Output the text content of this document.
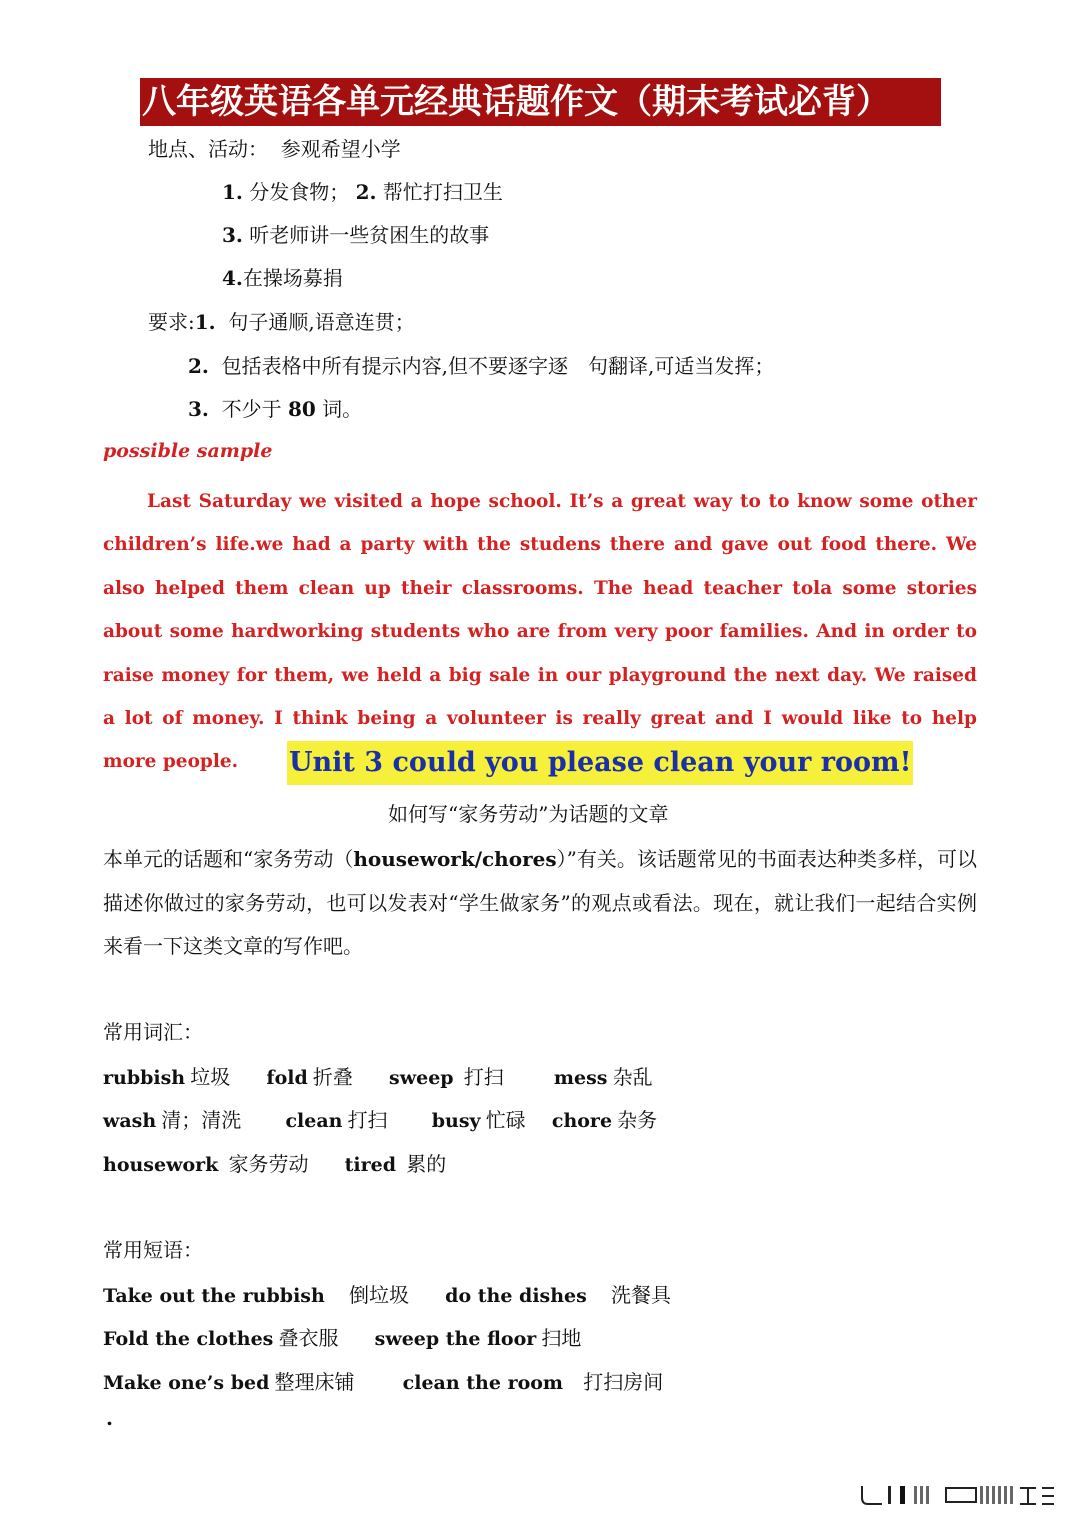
八年级英语各单元经典话题作文（期末考试必背）
地点、活动： 参观希望小学
1. 分发食物； 2. 帮忙打扫卫生
3. 听老师讲一些贫困生的故事
4.在操场募捐
要求:1. 句子通顺,语意连贯；
2. 包括表格中所有提示内容,但不要逐字逐　句翻译,可适当发挥；
3. 不少于 80 词。
possible sample

Last Saturday we visited a hope school. It’s a great way to to know some other children’s life.we had a party with the studens there and gave out food there. We also helped them clean up their classrooms. The head teacher tola some stories about some hardworking students who are from very poor families. And in order to raise money for them, we held a big sale in our playground the next day. We raised a lot of money. I think being a volunteer is really great and I would like to help more people.	Unit 3 could you please clean your room!
如何写“家务劳动”为话题的文章

本单元的话题和“家务劳动（housework/chores）”有关。该话题常见的书面表达种类多样，可以描述你做过的家务劳动，也可以发表对“学生做家务”的观点或看法。现在，就让我们一起结合实例来看一下这类文章的写作吧。

常用词汇：
rubbish 垃圾 fold 折叠 sweep 打扫	mess 杂乱
wash 清；清洗 clean 打扫 busy 忙碌 chore 杂务
housework 家务劳动 tired 累的
常用短语：
Take out the rubbish 倒垃圾 do the dishes 洗餐具
Fold the clothes 叠衣服 sweep the floor 扫地
Make one’s bed 整理床铺	clean the room 打扫房间
.
